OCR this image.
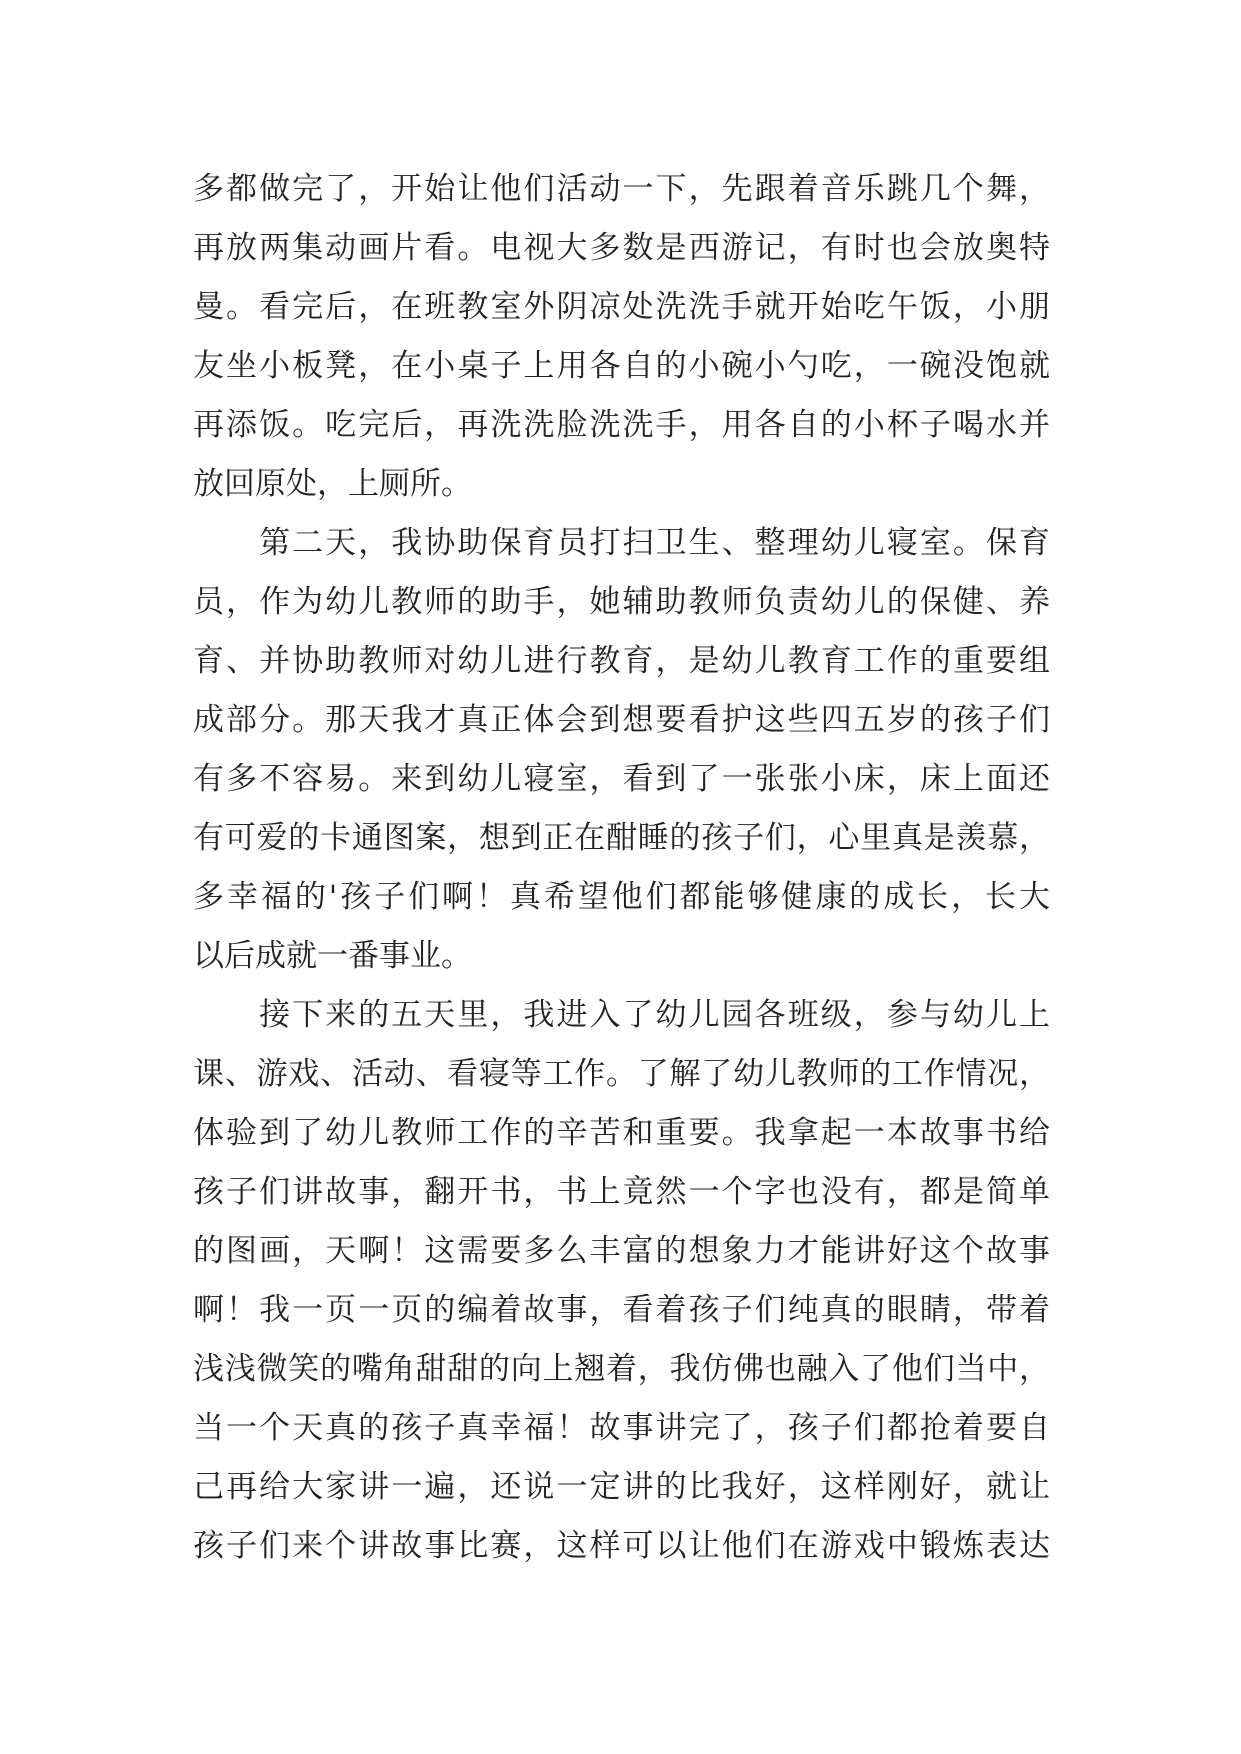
多都做完了，开始让他们活动一下，先跟着音乐跳几个舞，
再放两集动画片看。电视大多数是西游记，有时也会放奥特
曼。看完后，在班教室外阴凉处洗洗手就开始吃午饭，小朋
友坐小板凳，在小桌子上用各自的小碗小勺吃，一碗没饱就
再添饭。吃完后，再洗洗脸洗洗手，用各自的小杯子喝水并
放回原处，上厕所。
　　第二天，我协助保育员打扫卫生、整理幼儿寝室。保育
员，作为幼儿教师的助手，她辅助教师负责幼儿的保健、养
育、并协助教师对幼儿进行教育，是幼儿教育工作的重要组
成部分。那天我才真正体会到想要看护这些四五岁的孩子们
有多不容易。来到幼儿寝室，看到了一张张小床，床上面还
有可爱的卡通图案，想到正在酣睡的孩子们，心里真是羡慕，
多幸福的'孩子们啊！真希望他们都能够健康的成长，长大
以后成就一番事业。
　　接下来的五天里，我进入了幼儿园各班级，参与幼儿上
课、游戏、活动、看寝等工作。了解了幼儿教师的工作情况，
体验到了幼儿教师工作的辛苦和重要。我拿起一本故事书给
孩子们讲故事，翻开书，书上竟然一个字也没有，都是简单
的图画，天啊！这需要多么丰富的想象力才能讲好这个故事
啊！我一页一页的编着故事，看着孩子们纯真的眼睛，带着
浅浅微笑的嘴角甜甜的向上翘着，我仿佛也融入了他们当中，
当一个天真的孩子真幸福！故事讲完了，孩子们都抢着要自
己再给大家讲一遍，还说一定讲的比我好，这样刚好，就让
孩子们来个讲故事比赛，这样可以让他们在游戏中锻炼表达
